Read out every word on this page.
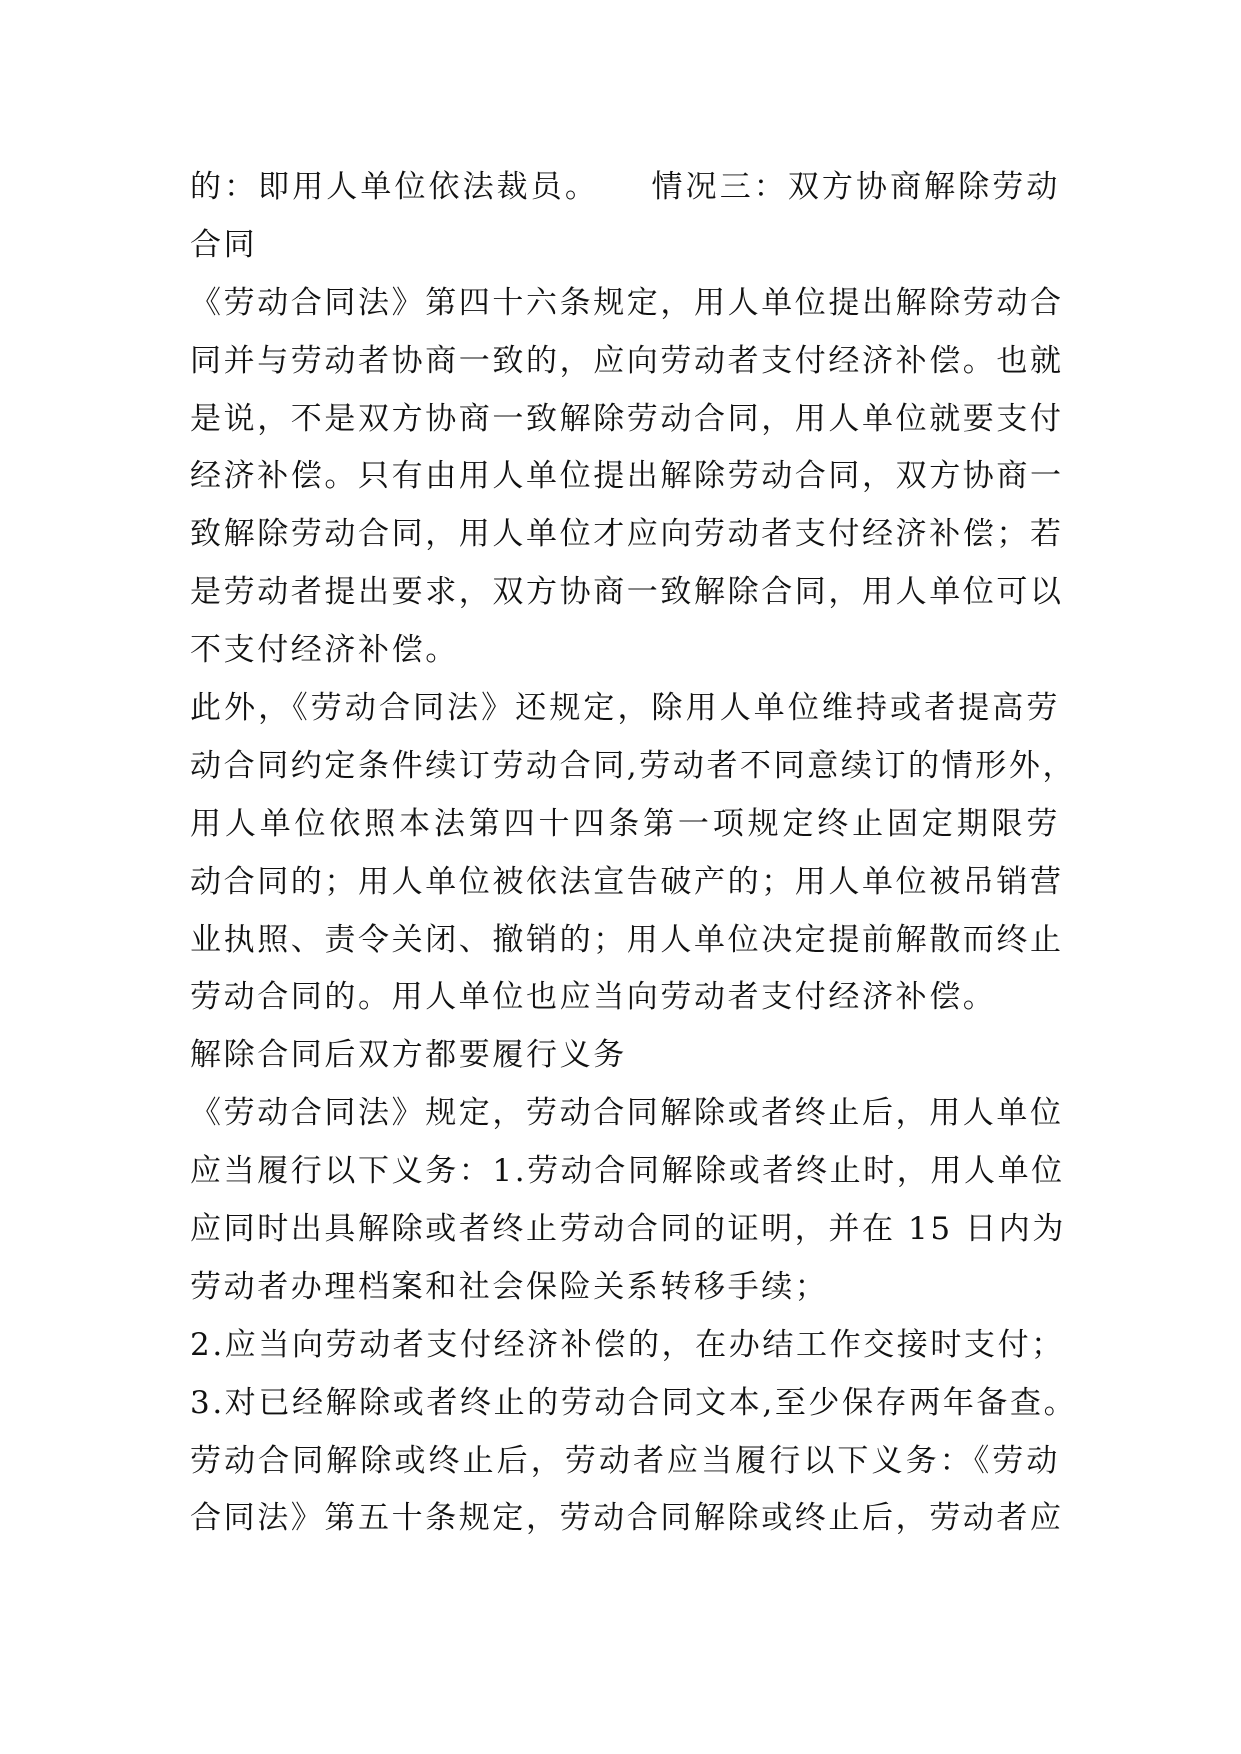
的：即用人单位依法裁员。　　情况三：双方协商解除劳动
合同
《劳动合同法》第四十六条规定，用人单位提出解除劳动合
同并与劳动者协商一致的，应向劳动者支付经济补偿。也就
是说，不是双方协商一致解除劳动合同，用人单位就要支付
经济补偿。只有由用人单位提出解除劳动合同，双方协商一
致解除劳动合同，用人单位才应向劳动者支付经济补偿；若
是劳动者提出要求，双方协商一致解除合同，用人单位可以
不支付经济补偿。
此外，《劳动合同法》还规定，除用人单位维持或者提高劳
动合同约定条件续订劳动合同,劳动者不同意续订的情形外，
用人单位依照本法第四十四条第一项规定终止固定期限劳
动合同的；用人单位被依法宣告破产的；用人单位被吊销营
业执照、责令关闭、撤销的；用人单位决定提前解散而终止
劳动合同的。用人单位也应当向劳动者支付经济补偿。
解除合同后双方都要履行义务
《劳动合同法》规定，劳动合同解除或者终止后，用人单位
应当履行以下义务：1.劳动合同解除或者终止时，用人单位
应同时出具解除或者终止劳动合同的证明，并在 15 日内为
劳动者办理档案和社会保险关系转移手续；
2.应当向劳动者支付经济补偿的，在办结工作交接时支付；
3.对已经解除或者终止的劳动合同文本,至少保存两年备查。
劳动合同解除或终止后，劳动者应当履行以下义务：《劳动
合同法》第五十条规定，劳动合同解除或终止后，劳动者应
